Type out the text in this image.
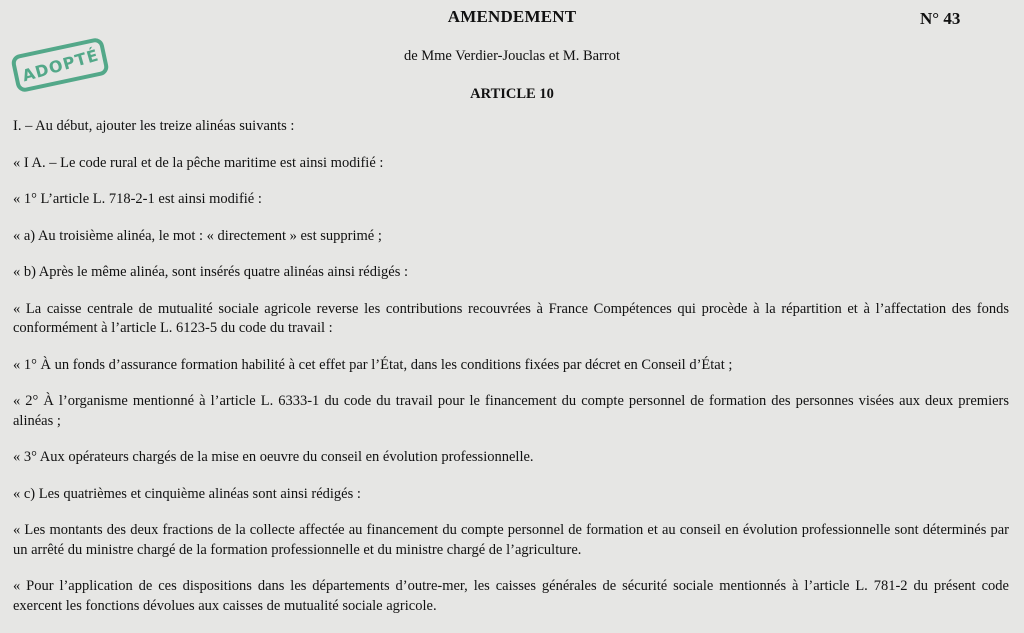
AMENDEMENT	N° 43
ADOPTÉ	de Mme Verdier-Jouclas et M. Barrot
ARTICLE 10

I. – Au début, ajouter les treize alinéas suivants :

« I A. – Le code rural et de la pêche maritime est ainsi modifié :

« 1° L’article L. 718-2-1 est ainsi modifié :

« a) Au troisième alinéa, le mot : « directement » est supprimé ;

« b) Après le même alinéa, sont insérés quatre alinéas ainsi rédigés :

« La caisse centrale de mutualité sociale agricole reverse les contributions recouvrées à France Compétences qui procède à la répartition et à l’affectation des fonds conformément à l’article L. 6123-5 du code du travail :

« 1° À un fonds d’assurance formation habilité à cet effet par l’État, dans les conditions fixées par décret en Conseil d’État ;

« 2° À l’organisme mentionné à l’article L. 6333-1 du code du travail pour le financement du compte personnel de formation des personnes visées aux deux premiers alinéas ;

« 3° Aux opérateurs chargés de la mise en oeuvre du conseil en évolution professionnelle.

« c) Les quatrièmes et cinquième alinéas sont ainsi rédigés :

« Les montants des deux fractions de la collecte affectée au financement du compte personnel de formation et au conseil en évolution professionnelle sont déterminés par un arrêté du ministre chargé de la formation professionnelle et du ministre chargé de l’agriculture.

« Pour l’application de ces dispositions dans les départements d’outre-mer, les caisses générales de sécurité sociale mentionnés à l’article L. 781-2 du présent code exercent les fonctions dévolues aux caisses de mutualité sociale agricole.
